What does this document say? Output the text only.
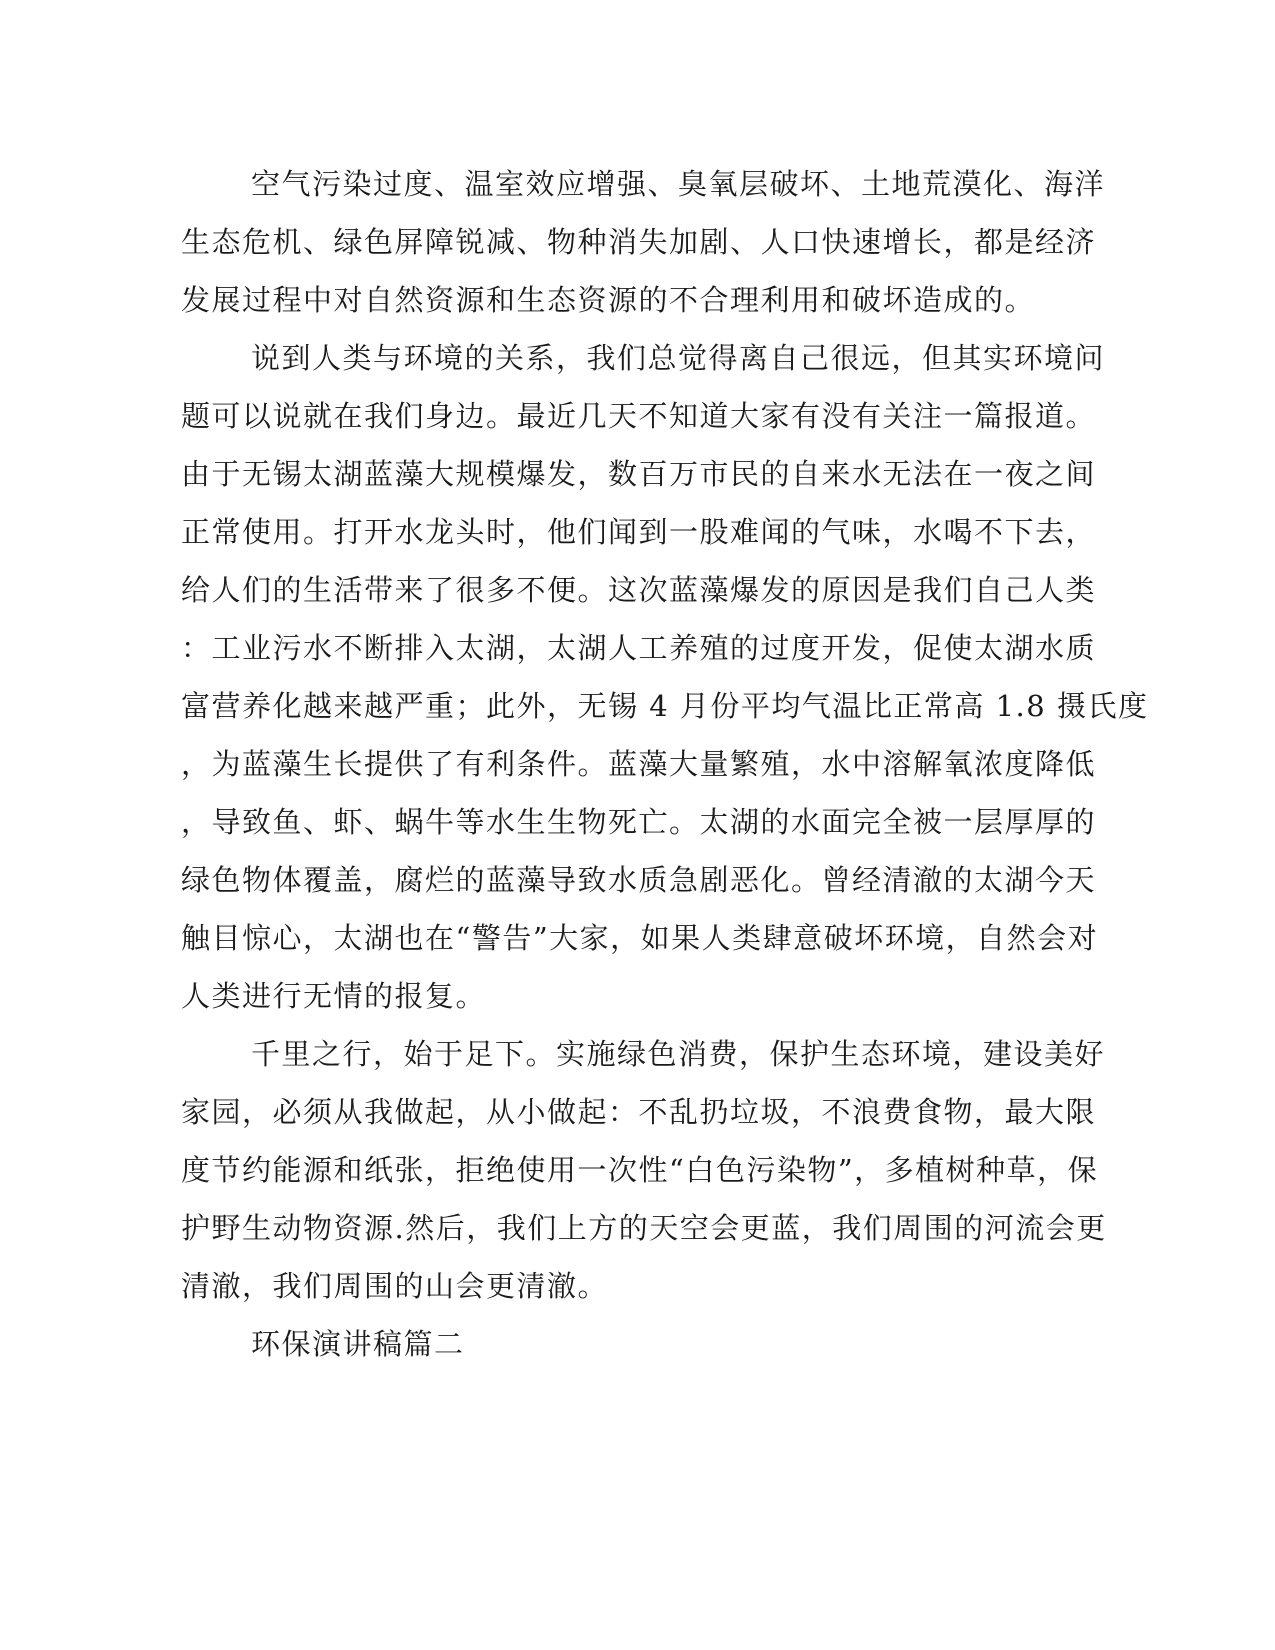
空气污染过度、温室效应增强、臭氧层破坏、土地荒漠化、海洋
生态危机、绿色屏障锐减、物种消失加剧、人口快速增长，都是经济
发展过程中对自然资源和生态资源的不合理利用和破坏造成的。
说到人类与环境的关系，我们总觉得离自己很远，但其实环境问
题可以说就在我们身边。最近几天不知道大家有没有关注一篇报道。
由于无锡太湖蓝藻大规模爆发，数百万市民的自来水无法在一夜之间
正常使用。打开水龙头时，他们闻到一股难闻的气味，水喝不下去，
给人们的生活带来了很多不便。这次蓝藻爆发的原因是我们自己人类
：工业污水不断排入太湖，太湖人工养殖的过度开发，促使太湖水质
富营养化越来越严重；此外，无锡 4 月份平均气温比正常高 1.8 摄氏度
，为蓝藻生长提供了有利条件。蓝藻大量繁殖，水中溶解氧浓度降低
，导致鱼、虾、蜗牛等水生生物死亡。太湖的水面完全被一层厚厚的
绿色物体覆盖，腐烂的蓝藻导致水质急剧恶化。曾经清澈的太湖今天
触目惊心，太湖也在“警告”大家，如果人类肆意破坏环境，自然会对
人类进行无情的报复。
千里之行，始于足下。实施绿色消费，保护生态环境，建设美好
家园，必须从我做起，从小做起：不乱扔垃圾，不浪费食物，最大限
度节约能源和纸张，拒绝使用一次性“白色污染物”，多植树种草，保
护野生动物资源.然后，我们上方的天空会更蓝，我们周围的河流会更
清澈，我们周围的山会更清澈。
环保演讲稿篇二
